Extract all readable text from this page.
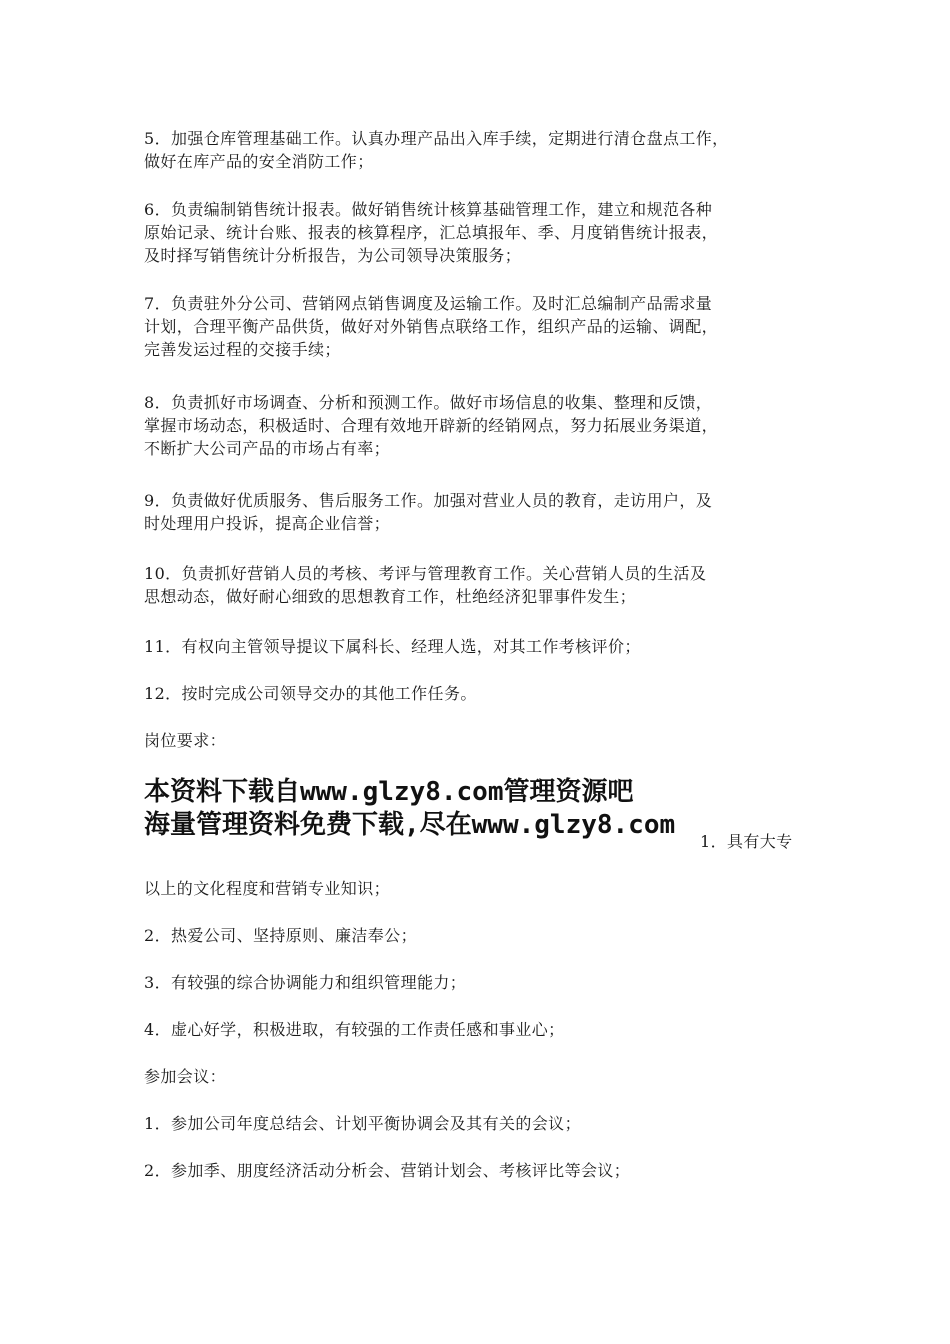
5．加强仓库管理基础工作。认真办理产品出入库手续，定期进行清仓盘点工作，
做好在库产品的安全消防工作；
6．负责编制销售统计报表。做好销售统计核算基础管理工作，建立和规范各种
原始记录、统计台账、报表的核算程序，汇总填报年、季、月度销售统计报表，
及时择写销售统计分析报告，为公司领导决策服务；
7．负责驻外分公司、营销网点销售调度及运输工作。及时汇总编制产品需求量
计划，合理平衡产品供货，做好对外销售点联络工作，组织产品的运输、调配，
完善发运过程的交接手续；
8．负责抓好市场调查、分析和预测工作。做好市场信息的收集、整理和反馈，
掌握市场动态，积极适时、合理有效地开辟新的经销网点，努力拓展业务渠道，
不断扩大公司产品的市场占有率；
9．负责做好优质服务、售后服务工作。加强对营业人员的教育，走访用户，及
时处理用户投诉，提高企业信誉；
10．负责抓好营销人员的考核、考评与管理教育工作。关心营销人员的生活及
思想动态，做好耐心细致的思想教育工作，杜绝经济犯罪事件发生；
11．有权向主管领导提议下属科长、经理人选，对其工作考核评价；
12．按时完成公司领导交办的其他工作任务。
岗位要求：
本资料下载自www.glzy8.com管理资源吧
海量管理资料免费下载,尽在www.glzy8.com
1．具有大专
以上的文化程度和营销专业知识；
2．热爱公司、坚持原则、廉洁奉公；
3．有较强的综合协调能力和组织管理能力；
4．虚心好学，积极进取，有较强的工作责任感和事业心；
参加会议：
1．参加公司年度总结会、计划平衡协调会及其有关的会议；
2．参加季、朋度经济活动分析会、营销计划会、考核评比等会议；
